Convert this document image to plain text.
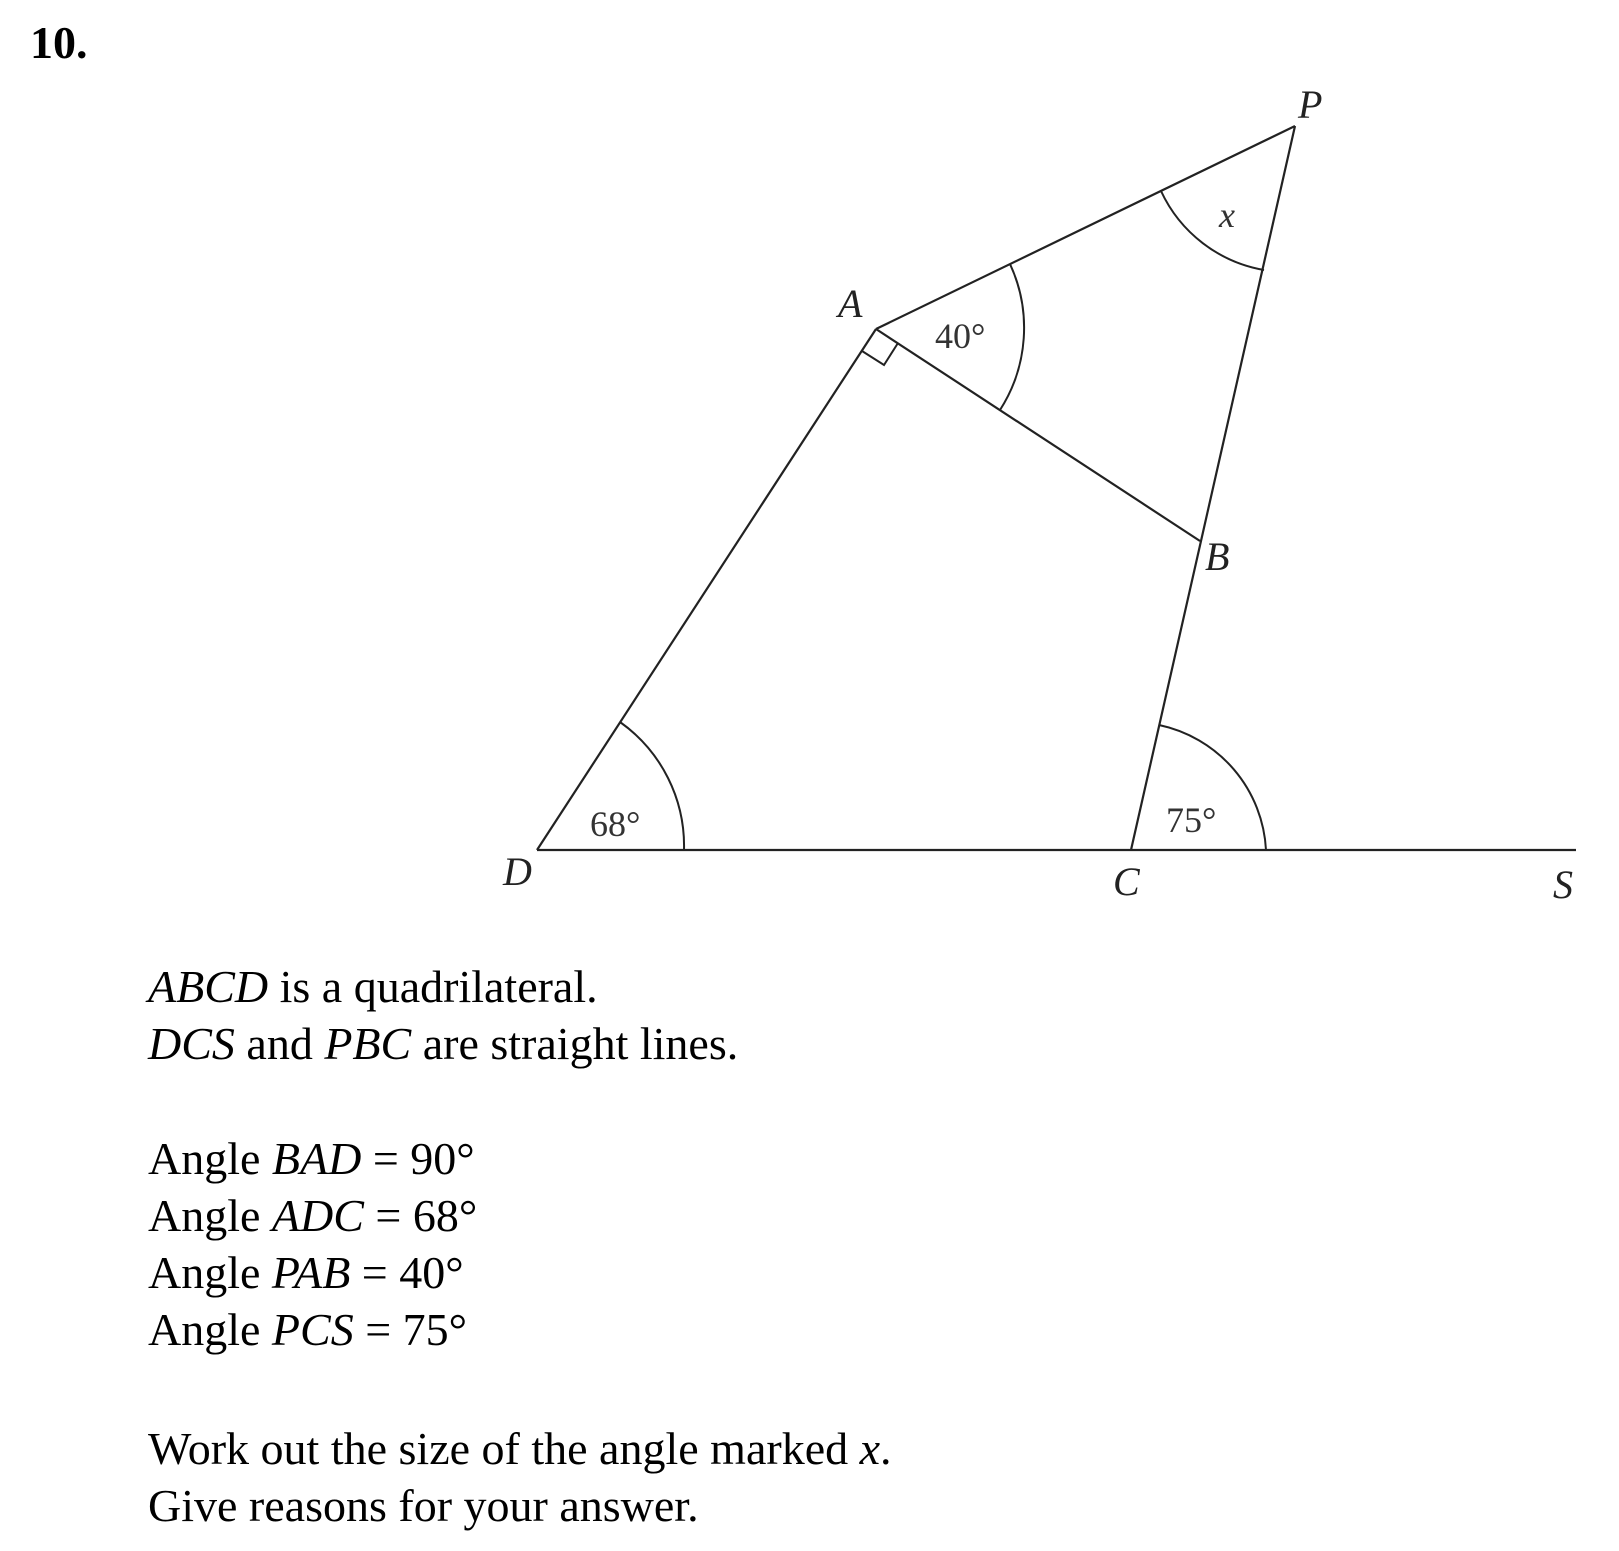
10.
P
A
B
D	C	S
40°
68°	75°
x
ABCD is a quadrilateral.
DCS and PBC are straight lines.
Angle BAD = 90°
Angle ADC = 68°
Angle PAB = 40°
Angle PCS = 75°
Work out the size of the angle marked x.
Give reasons for your answer.
